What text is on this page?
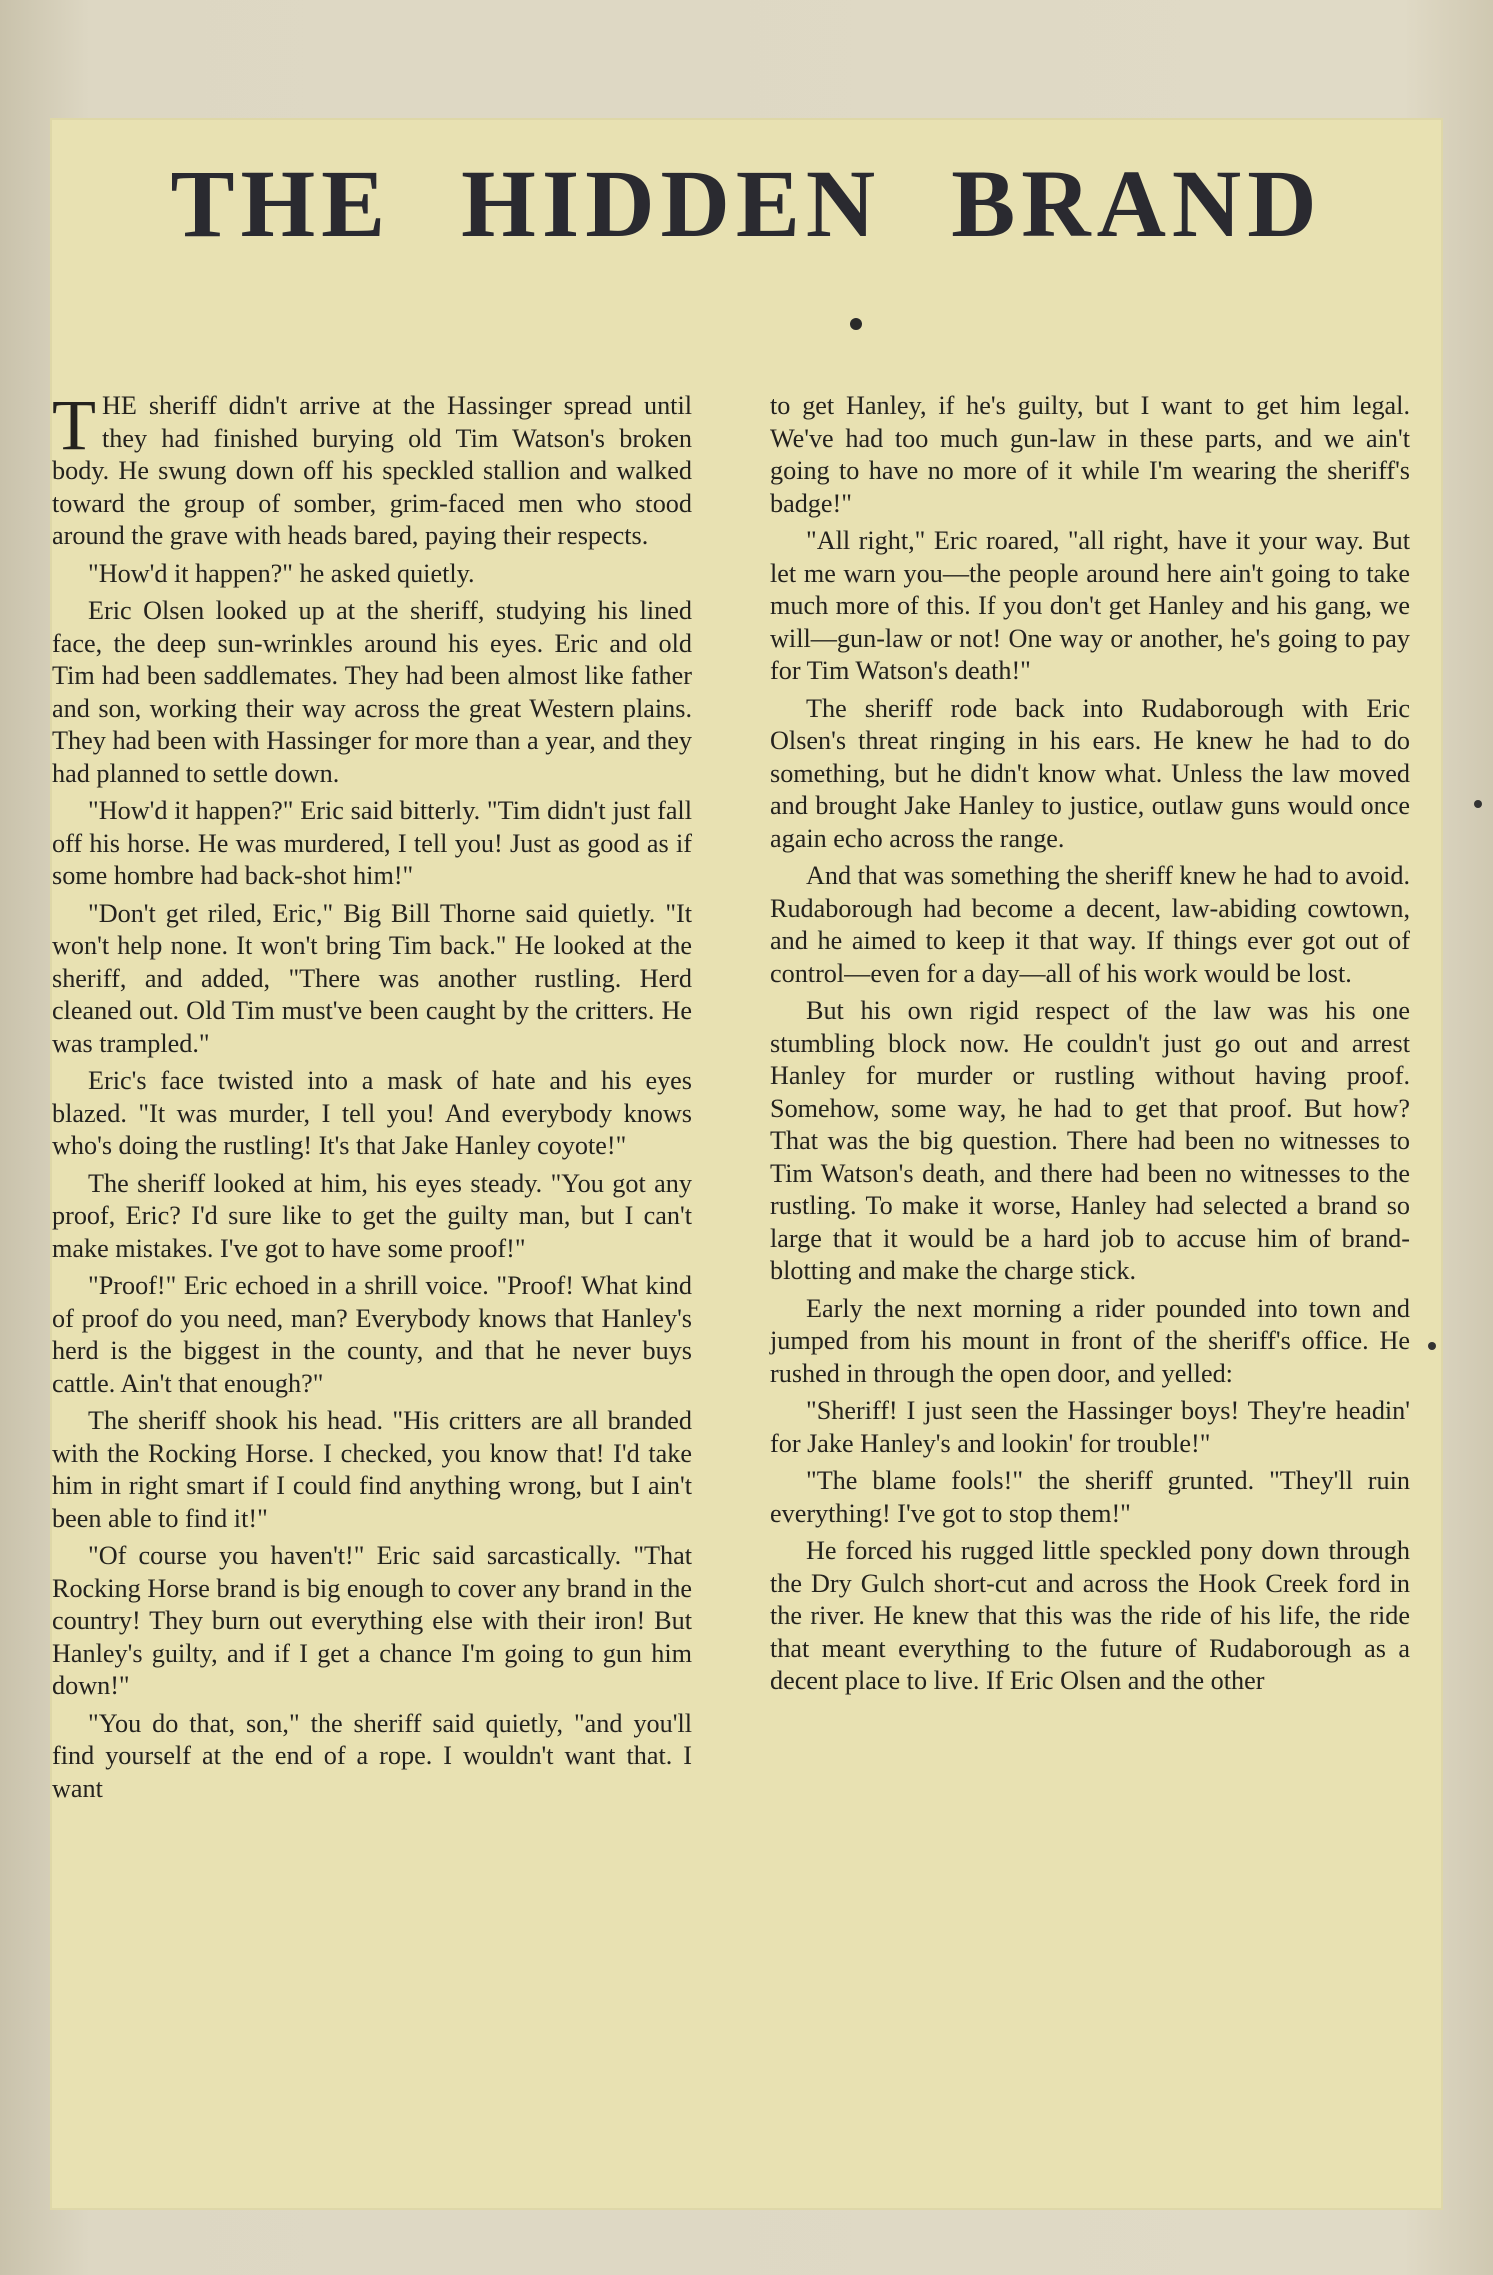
THE HIDDEN BRAND

THE sheriff didn't arrive at the Hassinger spread until they had finished burying old Tim Watson's broken body. He swung down off his speckled stallion and walked toward the group of somber, grim-faced men who stood around the grave with heads bared, paying their respects.

"How'd it happen?" he asked quietly.

Eric Olsen looked up at the sheriff, studying his lined face, the deep sun-wrinkles around his eyes. Eric and old Tim had been saddlemates. They had been almost like father and son, working their way across the great Western plains. They had been with Hassinger for more than a year, and they had planned to settle down.

"How'd it happen?" Eric said bitterly. "Tim didn't just fall off his horse. He was murdered, I tell you! Just as good as if some hombre had back-shot him!"

"Don't get riled, Eric," Big Bill Thorne said quietly. "It won't help none. It won't bring Tim back." He looked at the sheriff, and added, "There was another rustling. Herd cleaned out. Old Tim must've been caught by the critters. He was trampled."

Eric's face twisted into a mask of hate and his eyes blazed. "It was murder, I tell you! And everybody knows who's doing the rustling! It's that Jake Hanley coyote!"

The sheriff looked at him, his eyes steady. "You got any proof, Eric? I'd sure like to get the guilty man, but I can't make mistakes. I've got to have some proof!"

"Proof!" Eric echoed in a shrill voice. "Proof! What kind of proof do you need, man? Everybody knows that Hanley's herd is the biggest in the county, and that he never buys cattle. Ain't that enough?"

The sheriff shook his head. "His critters are all branded with the Rocking Horse. I checked, you know that! I'd take him in right smart if I could find anything wrong, but I ain't been able to find it!"

"Of course you haven't!" Eric said sarcastically. "That Rocking Horse brand is big enough to cover any brand in the country! They burn out everything else with their iron! But Hanley's guilty, and if I get a chance I'm going to gun him down!"

"You do that, son," the sheriff said quietly, "and you'll find yourself at the end of a rope. I wouldn't want that. I want

to get Hanley, if he's guilty, but I want to get him legal. We've had too much gun-law in these parts, and we ain't going to have no more of it while I'm wearing the sheriff's badge!"

"All right," Eric roared, "all right, have it your way. But let me warn you—the people around here ain't going to take much more of this. If you don't get Hanley and his gang, we will—gun-law or not! One way or another, he's going to pay for Tim Watson's death!"

The sheriff rode back into Rudaborough with Eric Olsen's threat ringing in his ears. He knew he had to do something, but he didn't know what. Unless the law moved and brought Jake Hanley to justice, outlaw guns would once again echo across the range.

And that was something the sheriff knew he had to avoid. Rudaborough had become a decent, law-abiding cowtown, and he aimed to keep it that way. If things ever got out of control—even for a day—all of his work would be lost.

But his own rigid respect of the law was his one stumbling block now. He couldn't just go out and arrest Hanley for murder or rustling without having proof. Somehow, some way, he had to get that proof. But how? That was the big question. There had been no witnesses to Tim Watson's death, and there had been no witnesses to the rustling. To make it worse, Hanley had selected a brand so large that it would be a hard job to accuse him of brand-blotting and make the charge stick.

Early the next morning a rider pounded into town and jumped from his mount in front of the sheriff's office. He rushed in through the open door, and yelled:

"Sheriff! I just seen the Hassinger boys! They're headin' for Jake Hanley's and lookin' for trouble!"

"The blame fools!" the sheriff grunted. "They'll ruin everything! I've got to stop them!"

He forced his rugged little speckled pony down through the Dry Gulch short-cut and across the Hook Creek ford in the river. He knew that this was the ride of his life, the ride that meant everything to the future of Rudaborough as a decent place to live. If Eric Olsen and the other
